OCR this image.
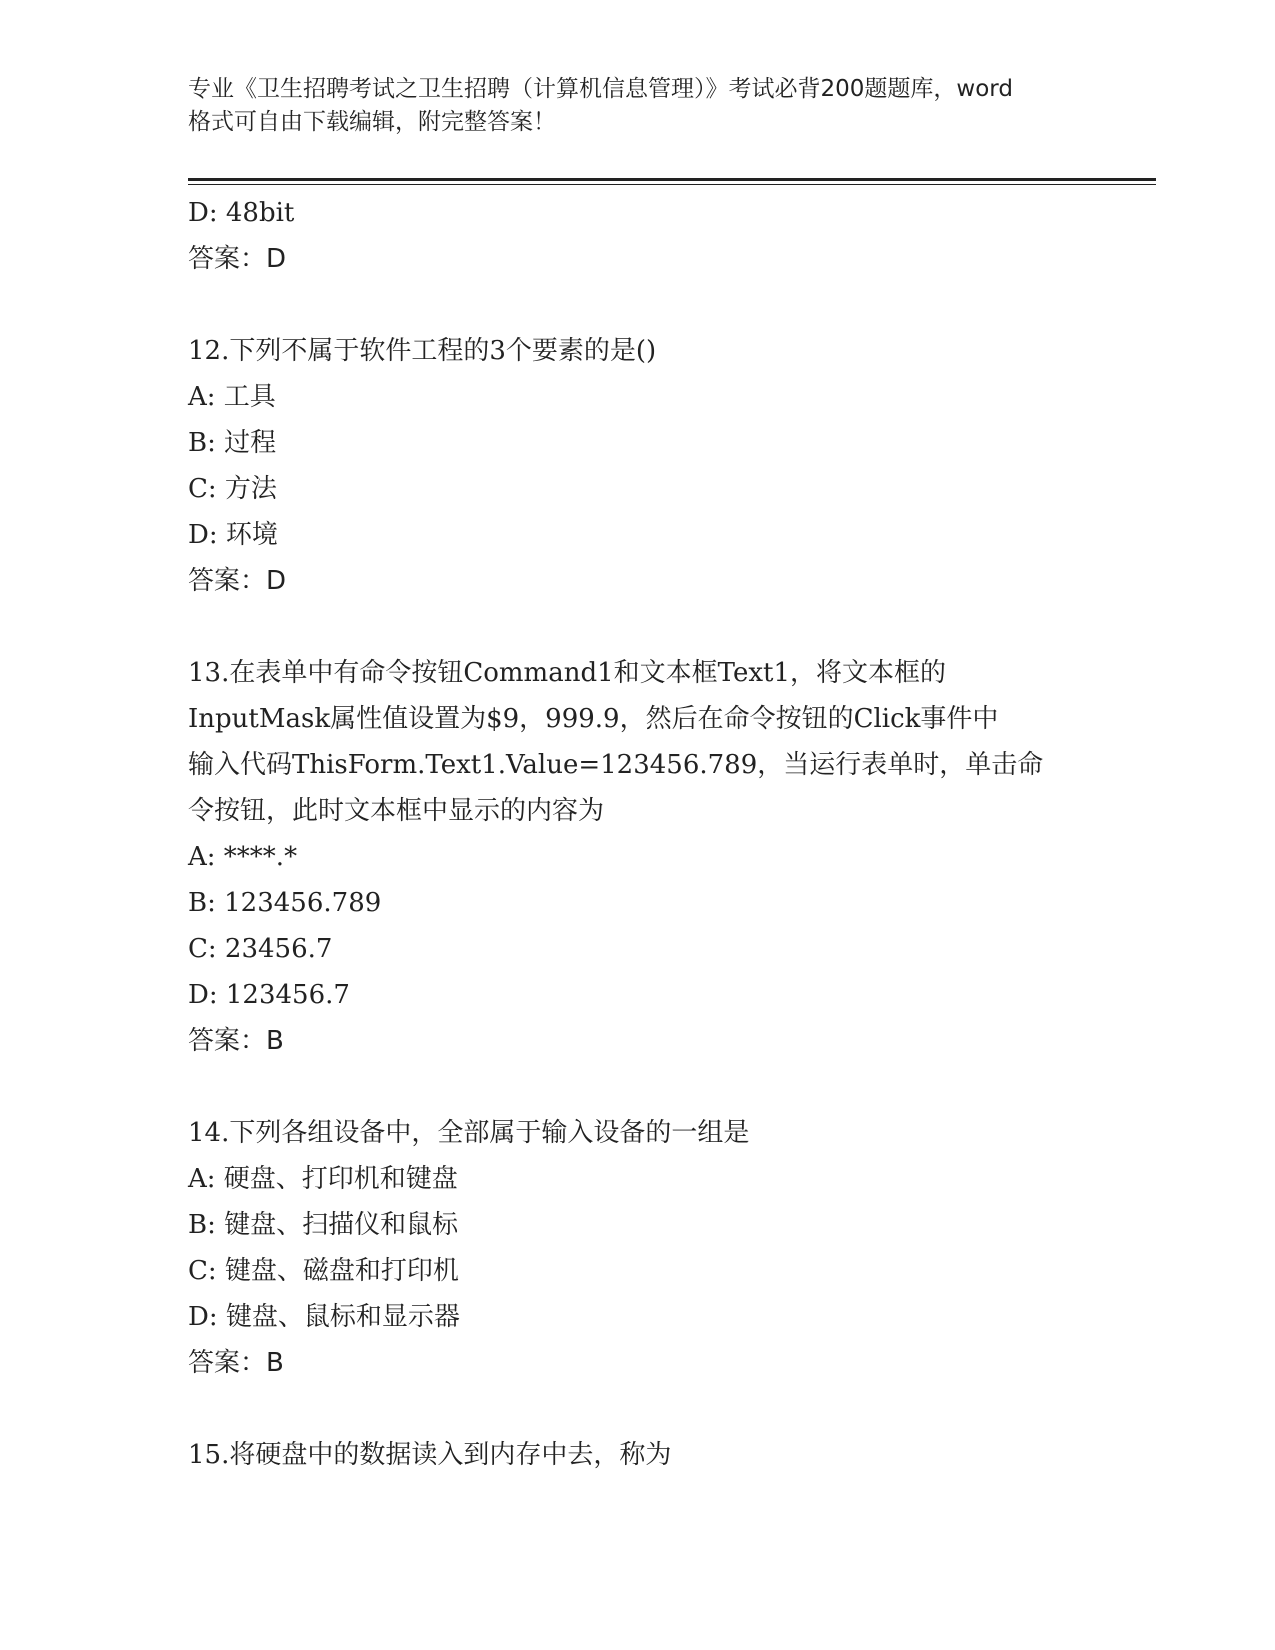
专业《卫生招聘考试之卫生招聘（计算机信息管理）》考试必背200题题库，word
格式可自由下载编辑，附完整答案！
D: 48bit
答案：D
12.下列不属于软件工程的3个要素的是()
A: 工具
B: 过程
C: 方法
D: 环境
答案：D
13.在表单中有命令按钮Command1和文本框Text1，将文本框的
InputMask属性值设置为$9，999.9，然后在命令按钮的Click事件中
输入代码ThisForm.Text1.Value=123456.789，当运行表单时，单击命
令按钮，此时文本框中显示的内容为
A: ****.*
B: 123456.789
C: 23456.7
D: 123456.7
答案：B
14.下列各组设备中，全部属于输入设备的一组是
A: 硬盘、打印机和键盘
B: 键盘、扫描仪和鼠标
C: 键盘、磁盘和打印机
D: 键盘、鼠标和显示器
答案：B
15.将硬盘中的数据读入到内存中去，称为
